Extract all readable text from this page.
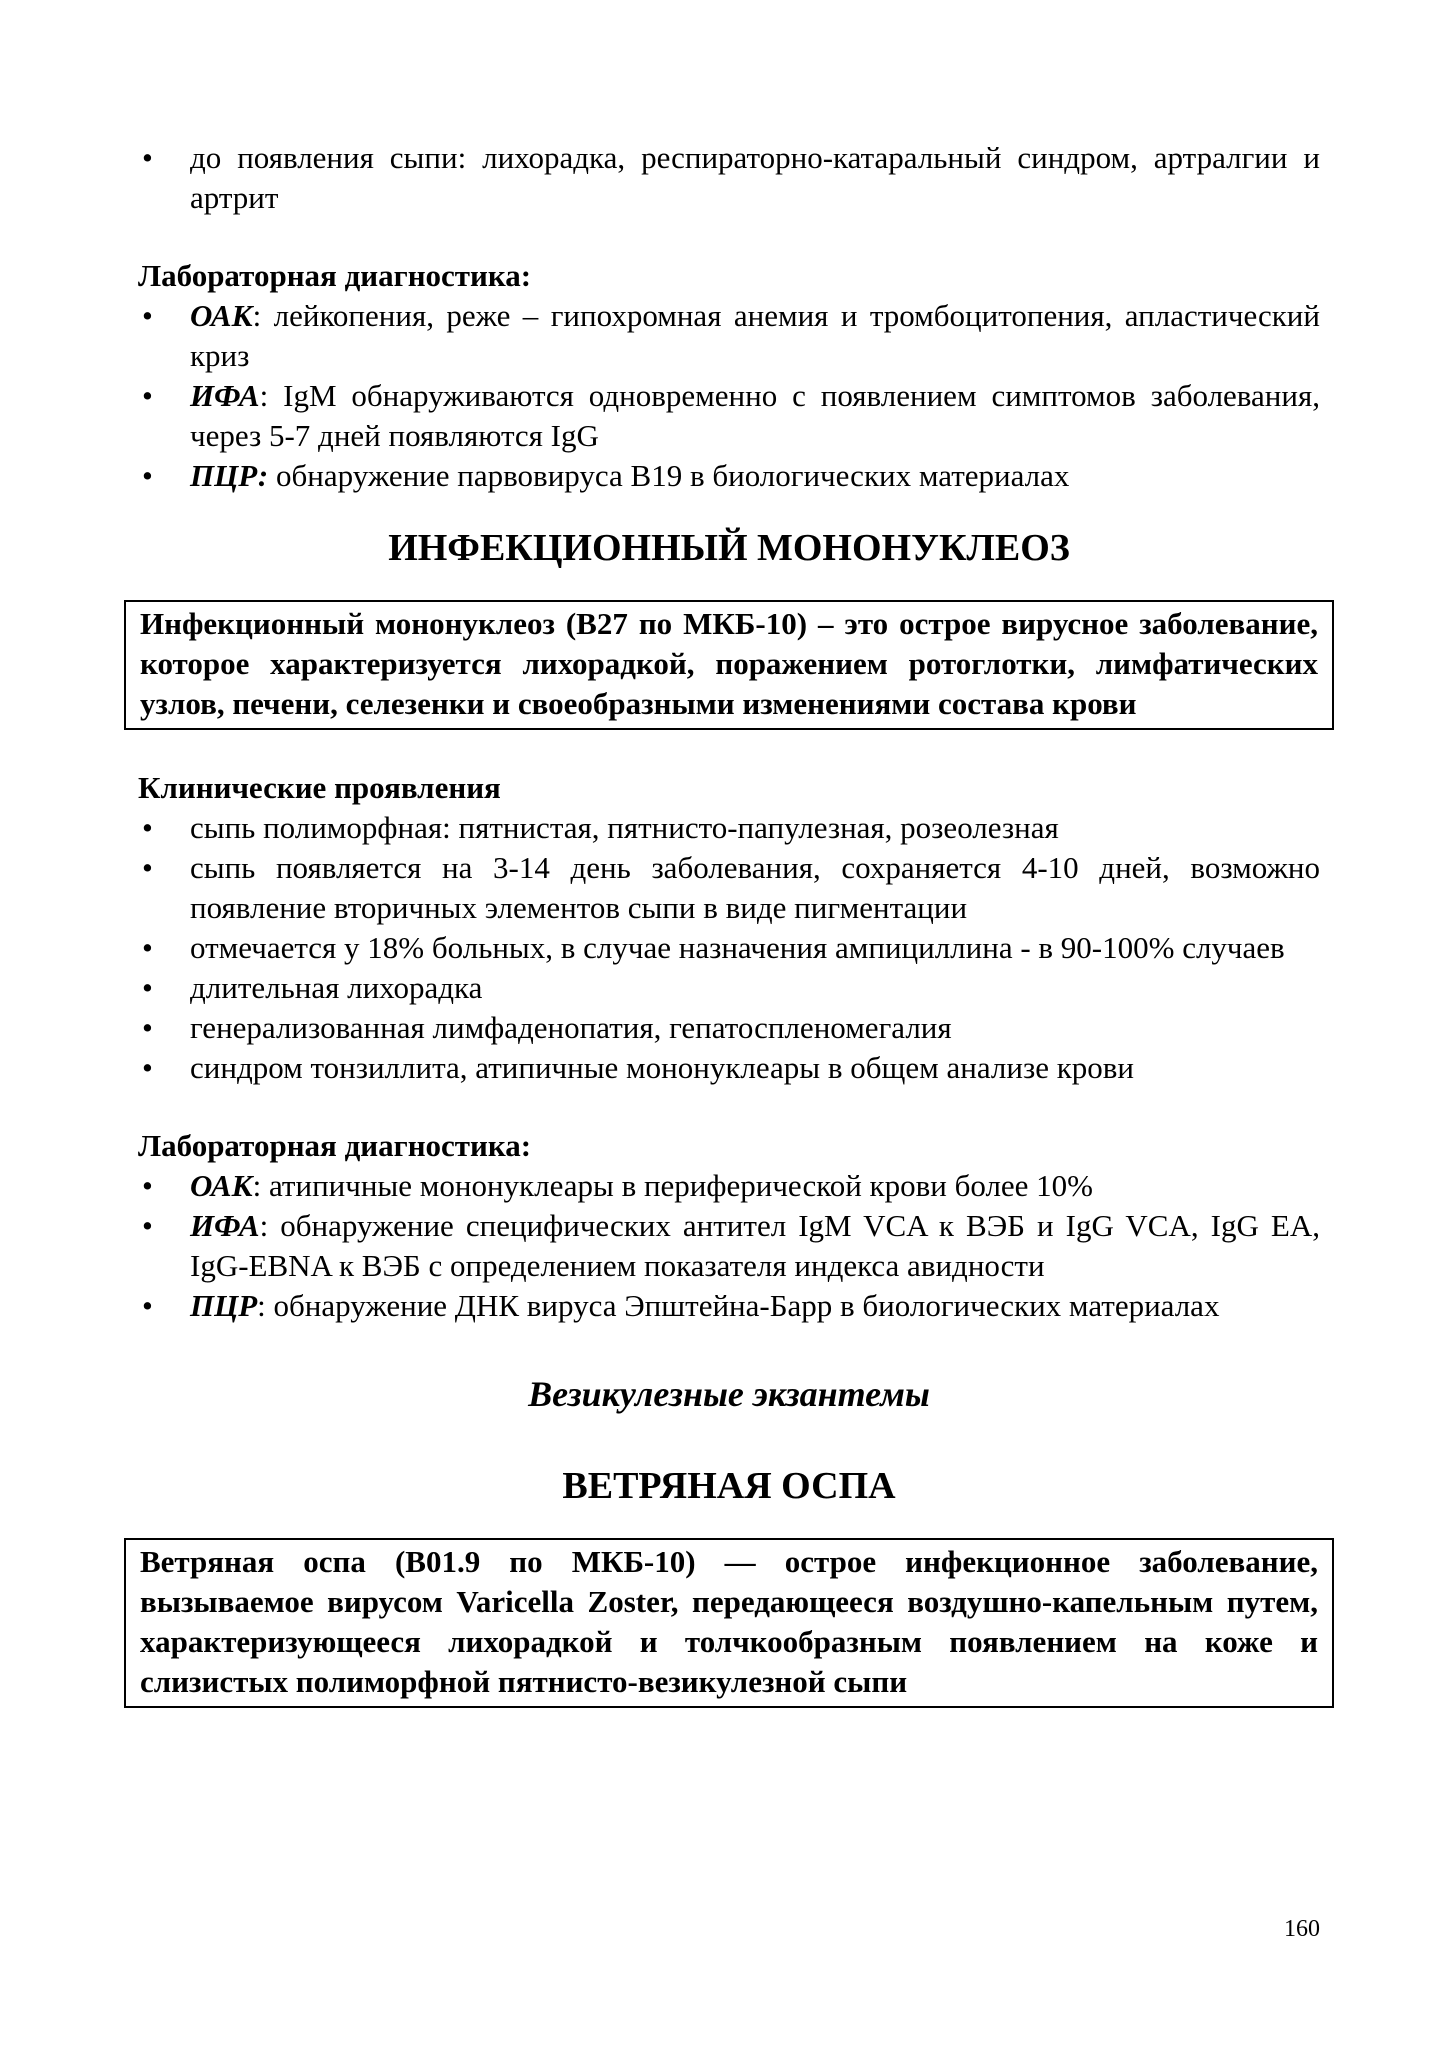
• до появления сыпи: лихорадка, респираторно-катаральный синдром, артралгии и артрит

Лабораторная диагностика:

• ОАК: лейкопения, реже – гипохромная анемия и тромбоцитопения, апластический криз
• ИФА: IgM обнаруживаются одновременно с появлением симптомов заболевания, через 5-7 дней появляются IgG
• ПЦР: обнаружение парвовируса В19 в биологических материалах
ИНФЕКЦИОННЫЙ МОНОНУКЛЕОЗ
Инфекционный мононуклеоз (B27 по МКБ-10) – это острое вирусное заболевание, которое характеризуется лихорадкой, поражением ротоглотки, лимфатических узлов, печени, селезенки и своеобразными изменениями состава крови

Клинические проявления

• сыпь полиморфная: пятнистая, пятнисто-папулезная, розеолезная
• сыпь появляется на 3-14 день заболевания, сохраняется 4-10 дней, возможно появление вторичных элементов сыпи в виде пигментации
• отмечается у 18% больных, в случае назначения ампициллина - в 90-100% случаев
• длительная лихорадка
• генерализованная лимфаденопатия, гепатоспленомегалия
• синдром тонзиллита, атипичные мононуклеары в общем анализе крови

Лабораторная диагностика:

• ОАК: атипичные мононуклеары в периферической крови более 10%
• ИФА: обнаружение специфических антител IgM VCA к ВЭБ и IgG VCA, IgG EA, IgG-EBNA к ВЭБ с определением показателя индекса авидности
• ПЦР: обнаружение ДНК вируса Эпштейна-Барр в биологических материалах
Везикулезные экзантемы
ВЕТРЯНАЯ ОСПА
Ветряная оспа (B01.9 по МКБ-10) — острое инфекционное заболевание, вызываемое вирусом Varicella Zoster, передающееся воздушно-капельным путем, характеризующееся лихорадкой и толчкообразным появлением на коже и слизистых полиморфной пятнисто-везикулезной сыпи
160
